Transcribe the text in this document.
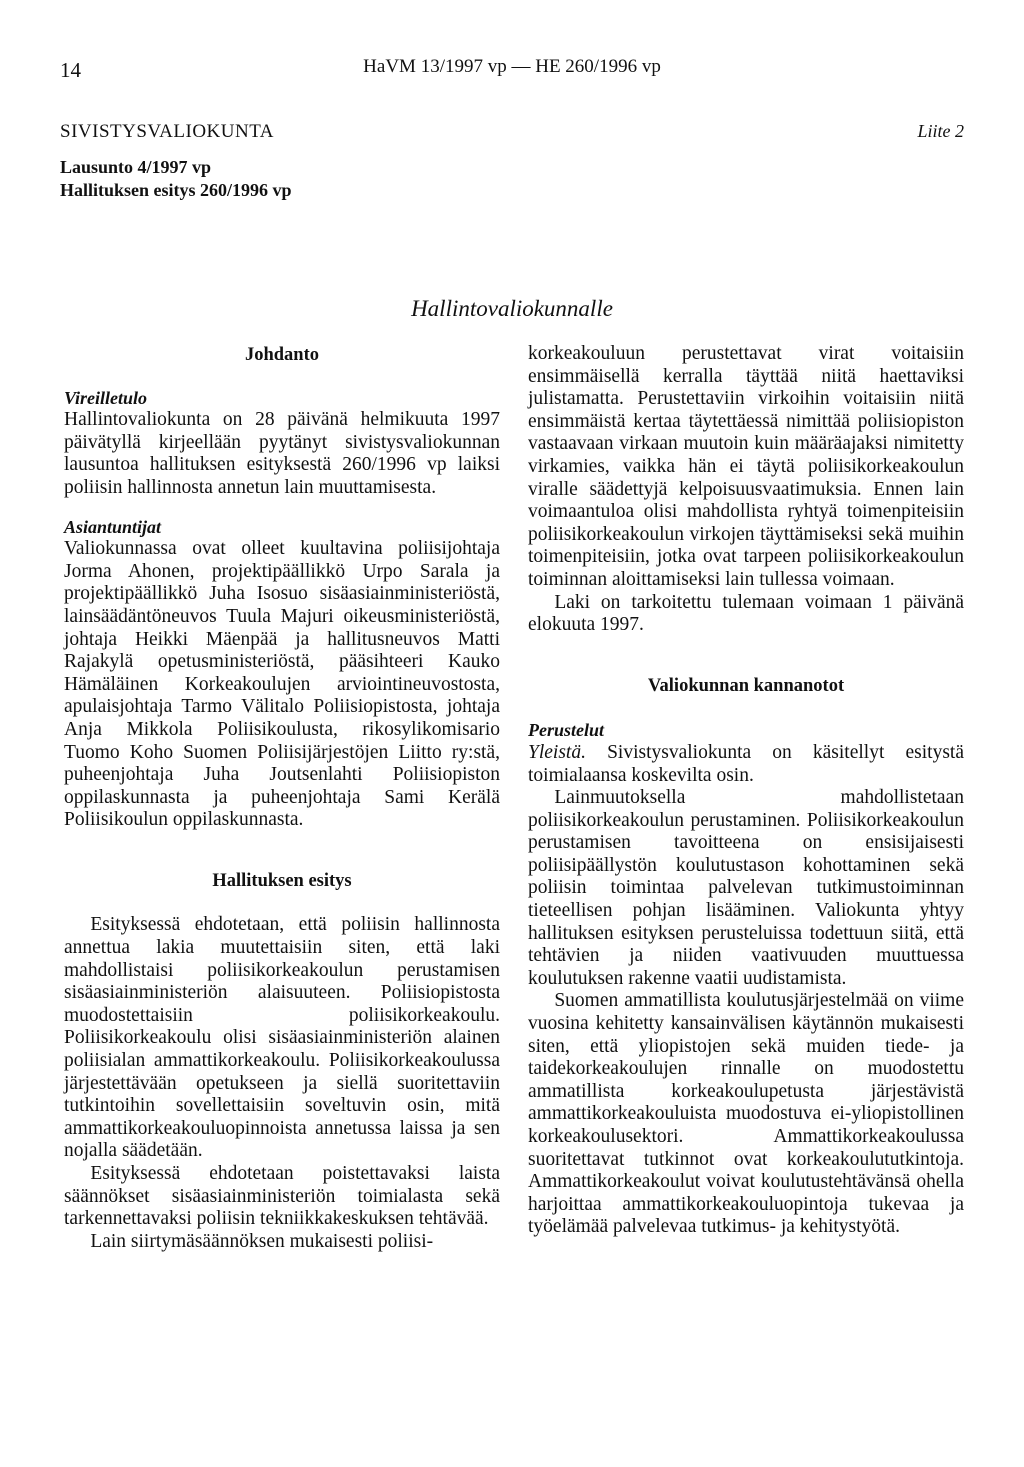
14	HaVM 13/1997 vp — HE 260/1996 vp
SIVISTYSVALIOKUNTA	Liite 2
Lausunto 4/1997 vp
Hallituksen esitys 260/1996 vp
Hallintovaliokunnalle
Johdanto
Vireilletulo

Hallintovaliokunta on 28 päivänä helmikuuta 1997 päivätyllä kirjeellään pyytänyt sivistysvaliokunnan lausuntoa hallituksen esityksestä 260/1996 vp laiksi poliisin hallinnosta annetun lain muuttamisesta.

Asiantuntijat

Valiokunnassa ovat olleet kuultavina poliisijohtaja Jorma Ahonen, projektipäällikkö Urpo Sarala ja projektipäällikkö Juha Isosuo sisäasiainministeriöstä, lainsäädäntöneuvos Tuula Majuri oikeusministeriöstä, johtaja Heikki Mäenpää ja hallitusneuvos Matti Rajakylä opetusministeriöstä, pääsihteeri Kauko Hämäläinen Korkeakoulujen arviointineuvostosta, apulaisjohtaja Tarmo Välitalo Poliisiopistosta, johtaja Anja Mikkola Poliisikoulusta, rikosylikomisario Tuomo Koho Suomen Poliisijärjestöjen Liitto ry:stä, puheenjohtaja Juha Joutsenlahti Poliisiopiston oppilaskunnasta ja puheenjohtaja Sami Kerälä Poliisikoulun oppilaskunnasta.

Hallituksen esitys

Esityksessä ehdotetaan, että poliisin hallinnosta annettua lakia muutettaisiin siten, että laki mahdollistaisi poliisikorkeakoulun perustamisen sisäasiainministeriön alaisuuteen. Poliisiopistosta muodostettaisiin poliisikorkeakoulu. Poliisikorkeakoulu olisi sisäasiainministeriön alainen poliisialan ammattikorkeakoulu. Poliisikorkeakoulussa järjestettävään opetukseen ja siellä suoritettaviin tutkintoihin sovellettaisiin soveltuvin osin, mitä ammattikorkeakouluopinnoista annetussa laissa ja sen nojalla säädetään.

Esityksessä ehdotetaan poistettavaksi laista säännökset sisäasiainministeriön toimialasta sekä tarkennettavaksi poliisin tekniikkakeskuksen tehtävää.

Lain siirtymäsäännöksen mukaisesti poliisi-

korkeakouluun perustettavat virat voitaisiin ensimmäisellä kerralla täyttää niitä haettaviksi julistamatta. Perustettaviin virkoihin voitaisiin niitä ensimmäistä kertaa täytettäessä nimittää poliisiopiston vastaavaan virkaan muutoin kuin määräajaksi nimitetty virkamies, vaikka hän ei täytä poliisikorkeakoulun viralle säädettyjä kelpoisuusvaatimuksia. Ennen lain voimaantuloa olisi mahdollista ryhtyä toimenpiteisiin poliisikorkeakoulun virkojen täyttämiseksi sekä muihin toimenpiteisiin, jotka ovat tarpeen poliisikorkeakoulun toiminnan aloittamiseksi lain tullessa voimaan.

Laki on tarkoitettu tulemaan voimaan 1 päivänä elokuuta 1997.

Valiokunnan kannanotot
Perustelut

Yleistä. Sivistysvaliokunta on käsitellyt esitystä toimialaansa koskevilta osin.

Lainmuutoksella mahdollistetaan poliisikorkeakoulun perustaminen. Poliisikorkeakoulun perustamisen tavoitteena on ensisijaisesti poliisipäällystön koulutustason kohottaminen sekä poliisin toimintaa palvelevan tutkimustoiminnan tieteellisen pohjan lisääminen. Valiokunta yhtyy hallituksen esityksen perusteluissa todettuun siitä, että tehtävien ja niiden vaativuuden muuttuessa koulutuksen rakenne vaatii uudistamista.

Suomen ammatillista koulutusjärjestelmää on viime vuosina kehitetty kansainvälisen käytännön mukaisesti siten, että yliopistojen sekä muiden tiede- ja taidekorkeakoulujen rinnalle on muodostettu ammatillista korkeakoulupetusta järjestävistä ammattikorkeakouluista muodostuva ei-yliopistollinen korkeakoulusektori. Ammattikorkeakoulussa suoritettavat tutkinnot ovat korkeakoulututkintoja. Ammattikorkeakoulut voivat koulutustehtävänsä ohella harjoittaa ammattikorkeakouluopintoja tukevaa ja työelämää palvelevaa tutkimus- ja kehitystyötä.
